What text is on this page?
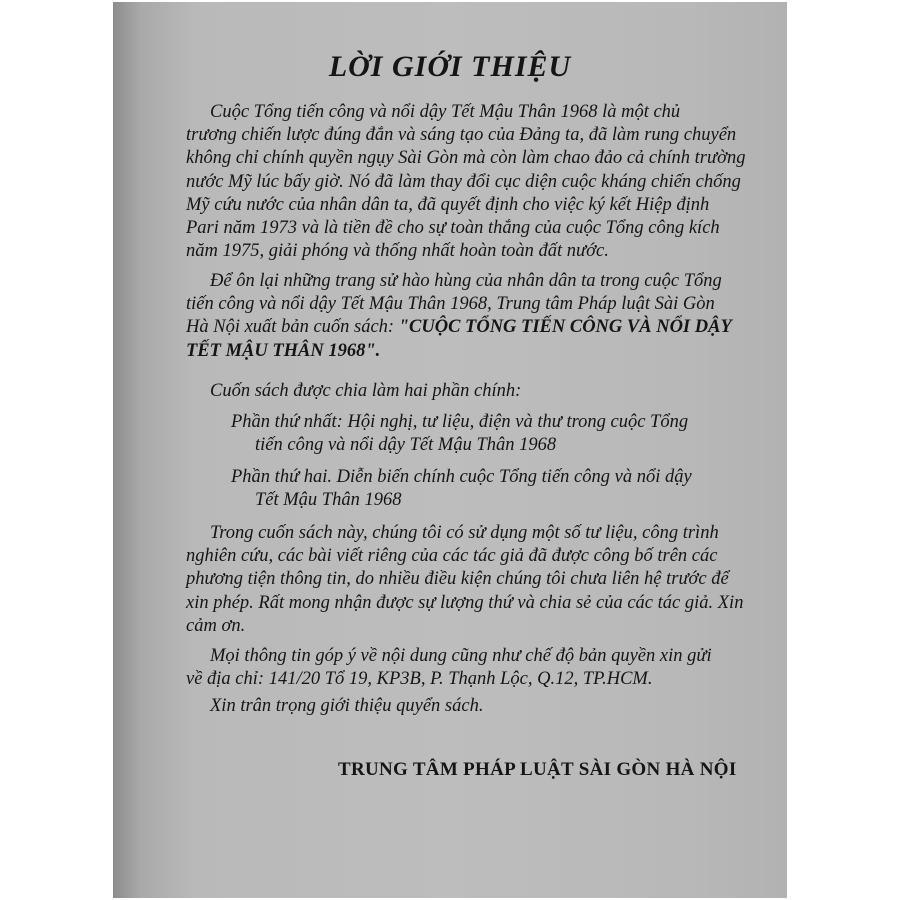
LỜI GIỚI THIỆU
Cuộc Tổng tiến công và nổi dậy Tết Mậu Thân 1968 là một chủ
trương chiến lược đúng đắn và sáng tạo của Đảng ta, đã làm rung chuyển
không chỉ chính quyền ngụy Sài Gòn mà còn làm chao đảo cả chính trường
nước Mỹ lúc bấy giờ. Nó đã làm thay đổi cục diện cuộc kháng chiến chống
Mỹ cứu nước của nhân dân ta, đã quyết định cho việc ký kết Hiệp định
Pari năm 1973 và là tiền đề cho sự toàn thắng của cuộc Tổng công kích
năm 1975, giải phóng và thống nhất hoàn toàn đất nước.
Để ôn lại những trang sử hào hùng của nhân dân ta trong cuộc Tổng
tiến công và nổi dậy Tết Mậu Thân 1968, Trung tâm Pháp luật Sài Gòn
Hà Nội xuất bản cuốn sách: "CUỘC TỔNG TIẾN CÔNG VÀ NỔI DẬY
TẾT MẬU THÂN 1968".
Cuốn sách được chia làm hai phần chính:
Phần thứ nhất: Hội nghị, tư liệu, điện và thư trong cuộc Tổng
tiến công và nổi dậy Tết Mậu Thân 1968
Phần thứ hai. Diễn biến chính cuộc Tổng tiến công và nổi dậy
Tết Mậu Thân 1968
Trong cuốn sách này, chúng tôi có sử dụng một số tư liệu, công trình
nghiên cứu, các bài viết riêng của các tác giả đã được công bố trên các
phương tiện thông tin, do nhiều điều kiện chúng tôi chưa liên hệ trước để
xin phép. Rất mong nhận được sự lượng thứ và chia sẻ của các tác giả. Xin
cảm ơn.
Mọi thông tin góp ý về nội dung cũng như chế độ bản quyền xin gửi
về địa chỉ: 141/20 Tổ 19, KP3B, P. Thạnh Lộc, Q.12, TP.HCM.
Xin trân trọng giới thiệu quyển sách.
TRUNG TÂM PHÁP LUẬT SÀI GÒN HÀ NỘI
